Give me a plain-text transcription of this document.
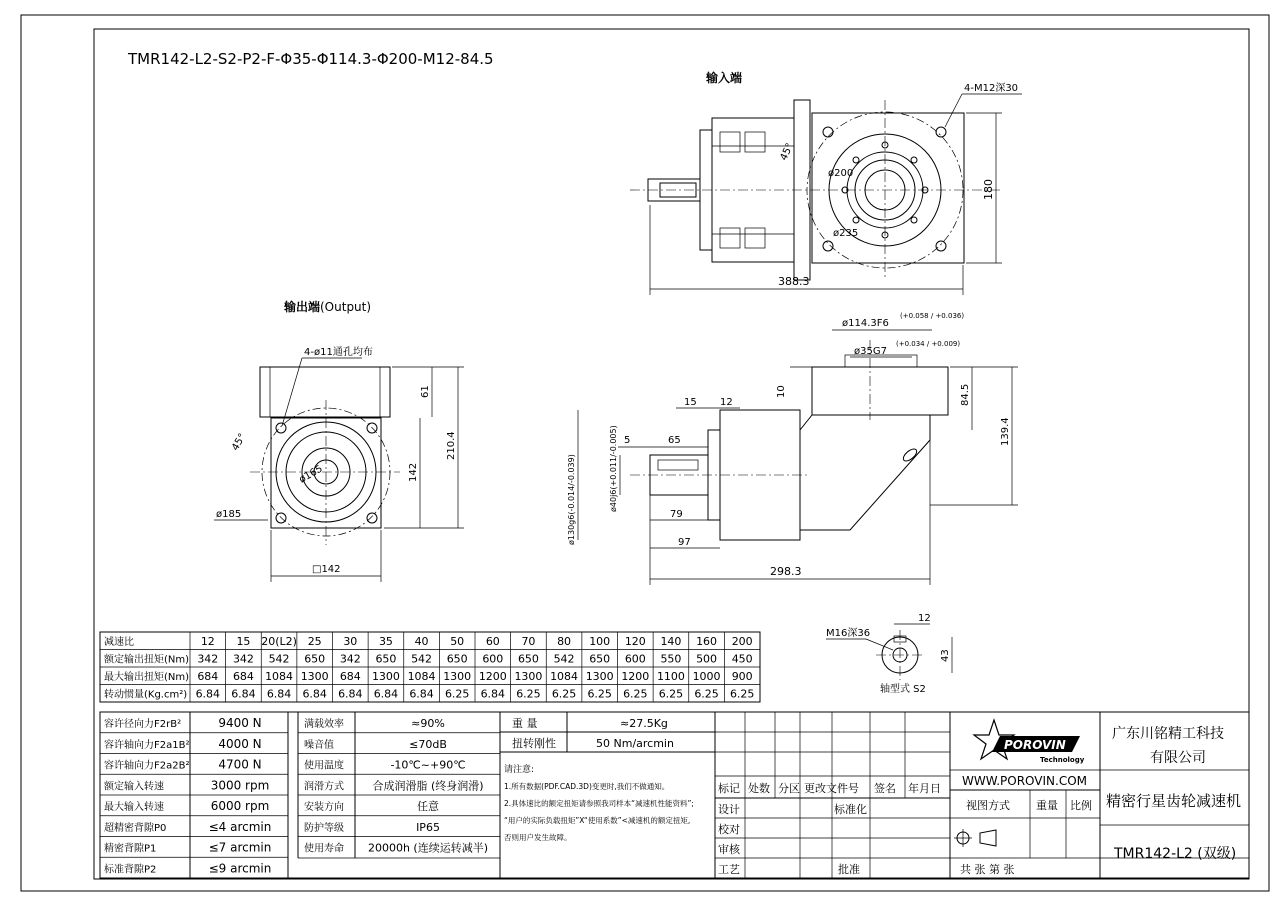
TMR142-L2-S2-P2-F-Φ35-Φ114.3-Φ200-M12-84.5
输入端
388.3
180
4-M12深30
ø200
ø235
45°
输出端 (Output)
4-ø11通孔均布
45°
ø165
ø185
□142
61
142
210.4
ø114.3F6
(+0.058 / +0.036)
ø35G7
(+0.034 / +0.009)
10	84.5
139.4
15 12
5	65
79
97
298.3
ø130g6(-0.014/-0.039)	ø40j6(+0.011/-0.005)
12
43
M16深36
轴型式 S2
减速比	12 15 20(L2) 25 30 35 40 50 60 70 80 100 120 140 160 200
额定输出扭矩(Nm) 342 342 542 650 342 650 542 650 600 650 542 650 600 550 500 450
最大输出扭矩(Nm) 684 684 1084 1300 684 1300 1084 1300 1200 1300 1084 1300 1200 1100 1000 900
转动惯量(Kg.cm²) 6.84 6.84 6.84 6.84 6.84 6.84 6.84 6.25 6.84 6.25 6.25 6.25 6.25 6.25 6.25 6.25
容许径向力F2rB²	9400 N
容许轴向力F2a1B² 4000 N
容许轴向力F2a2B² 4700 N
额定输入转速	3000 rpm
最大输入转速	6000 rpm
超精密背隙P0	≤4 arcmin
精密背隙P1	≤7 arcmin
标准背隙P2	≤9 arcmin
满载效率	≈90%
噪音值	≤70dB
使用温度	-10℃~+90℃
润滑方式	合成润滑脂 (终身润滑)
安装方向	任意
防护等级	IP65
使用寿命 20000h (连续运转减半)
重 量	≈27.5Kg
扭转刚性	50 Nm/arcmin
请注意:
1.所有数据(PDF.CAD.3D)变更时,我们不做通知。
2.具体速比的额定扭矩请参照我司样本“减速机性能资料”;
“用户的实际负载扭矩”X“使用系数”<减速机的额定扭矩,
否则用户发生故障。
标记 处数 分区 更改文件号 签名 年月日
设计	标准化
校对
审核
工艺	批准
POROVIN
Technology
WWW.POROVIN.COM
视图方式 重量 比例
共 张 第 张
广东川铭精工科技
有限公司
精密行星齿轮减速机
TMR142-L2 (双级)
